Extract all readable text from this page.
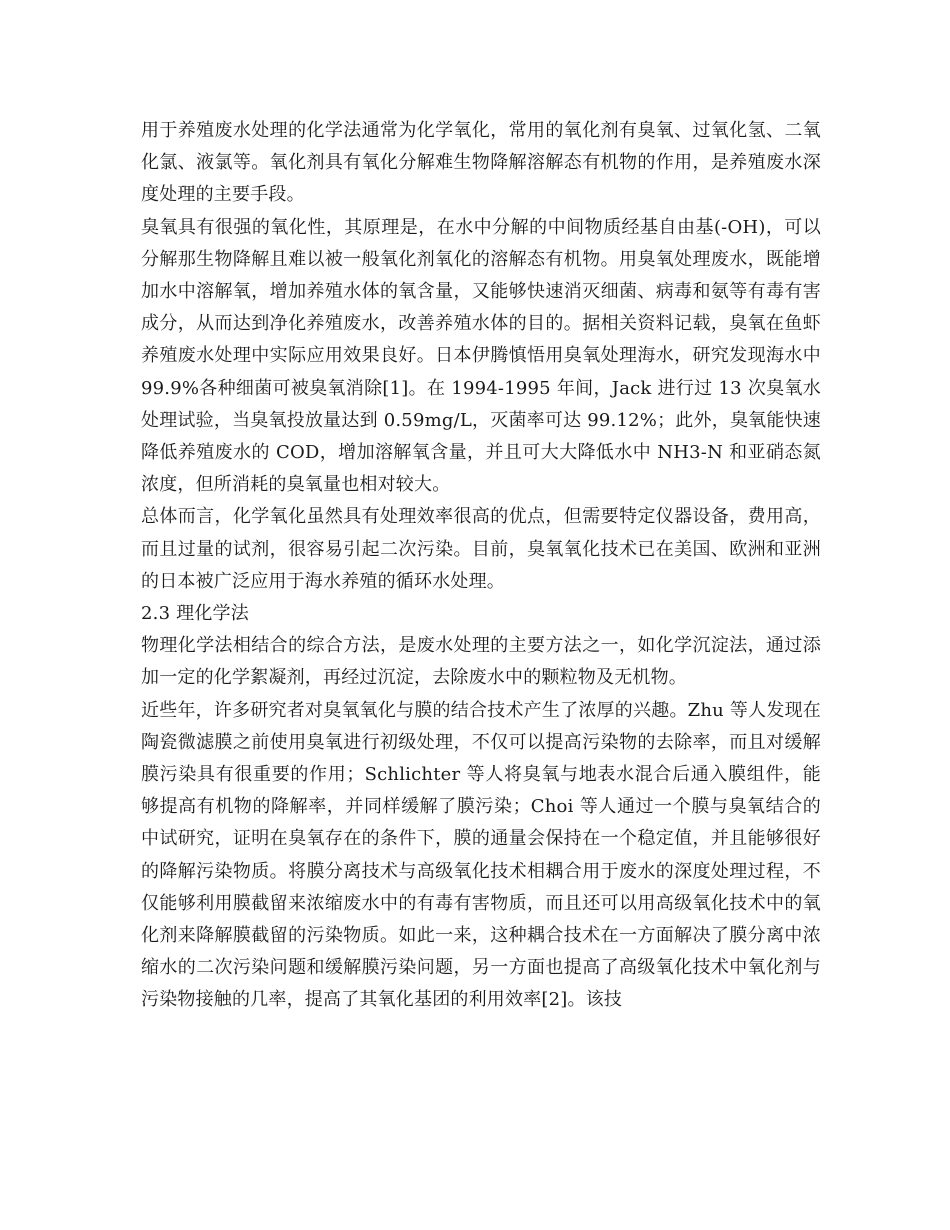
用于养殖废水处理的化学法通常为化学氧化，常用的氧化剂有臭氧、过氧化氢、二氧化氯、液氯等。氧化剂具有氧化分解难生物降解溶解态有机物的作用，是养殖废水深度处理的主要手段。

臭氧具有很强的氧化性，其原理是，在水中分解的中间物质经基自由基(-OH)，可以分解那生物降解且难以被一般氧化剂氧化的溶解态有机物。用臭氧处理废水，既能增加水中溶解氧，增加养殖水体的氧含量，又能够快速消灭细菌、病毒和氨等有毒有害成分，从而达到净化养殖废水，改善养殖水体的目的。据相关资料记载，臭氧在鱼虾养殖废水处理中实际应用效果良好。日本伊腾慎悟用臭氧处理海水，研究发现海水中 99.9%各种细菌可被臭氧消除[1]。在 1994-1995 年间，Jack 进行过 13 次臭氧水处理试验，当臭氧投放量达到 0.59mg/L，灭菌率可达 99.12%；此外，臭氧能快速降低养殖废水的 COD，增加溶解氧含量，并且可大大降低水中 NH3-N 和亚硝态氮浓度，但所消耗的臭氧量也相对较大。

总体而言，化学氧化虽然具有处理效率很高的优点，但需要特定仪器设备，费用高，而且过量的试剂，很容易引起二次污染。目前，臭氧氧化技术已在美国、欧洲和亚洲的日本被广泛应用于海水养殖的循环水处理。

2.3 理化学法

物理化学法相结合的综合方法，是废水处理的主要方法之一，如化学沉淀法，通过添加一定的化学絮凝剂，再经过沉淀，去除废水中的颗粒物及无机物。

近些年，许多研究者对臭氧氧化与膜的结合技术产生了浓厚的兴趣。Zhu 等人发现在陶瓷微滤膜之前使用臭氧进行初级处理，不仅可以提高污染物的去除率，而且对缓解膜污染具有很重要的作用；Schlichter 等人将臭氧与地表水混合后通入膜组件，能够提高有机物的降解率，并同样缓解了膜污染；Choi 等人通过一个膜与臭氧结合的中试研究，证明在臭氧存在的条件下，膜的通量会保持在一个稳定值，并且能够很好的降解污染物质。将膜分离技术与高级氧化技术相耦合用于废水的深度处理过程，不仅能够利用膜截留来浓缩废水中的有毒有害物质，而且还可以用高级氧化技术中的氧化剂来降解膜截留的污染物质。如此一来，这种耦合技术在一方面解决了膜分离中浓缩水的二次污染问题和缓解膜污染问题，另一方面也提高了高级氧化技术中氧化剂与污染物接触的几率，提高了其氧化基团的利用效率[2]。该技
